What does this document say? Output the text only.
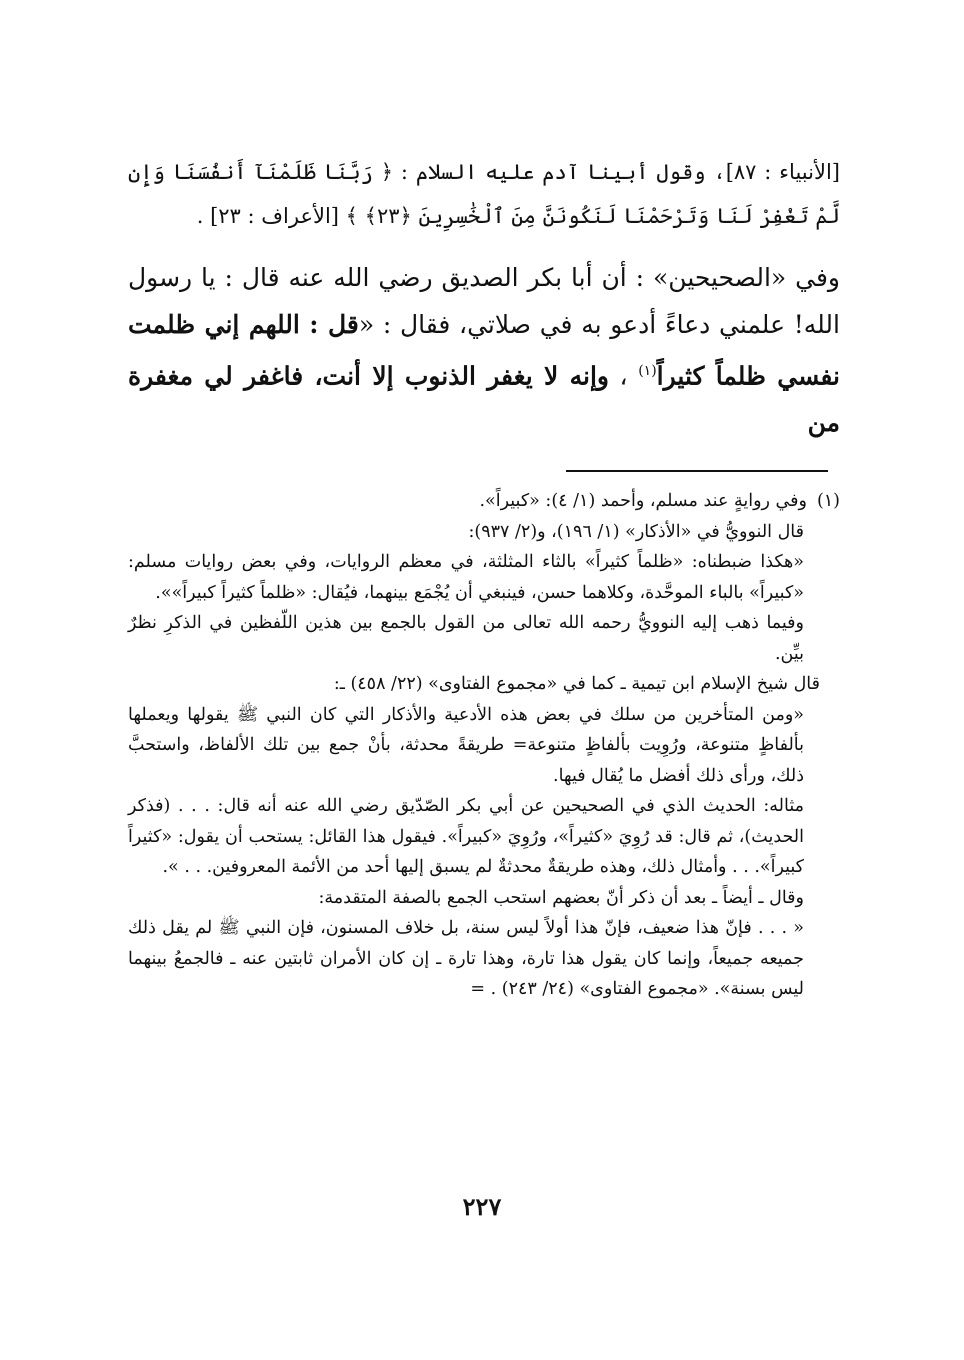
[الأنبياء : ٨٧]، وقول أبينا آدم عليه السلام : ﴿ رَبَّنَا ظَلَمْنَآ أَنفُسَنَا وَإِن لَّمْ تَغْفِرْ لَنَا وَتَرْحَمْنَا لَنَكُونَنَّ مِنَ ٱلْخَٰسِرِينَ ﴿٢٣﴾ ﴾ [الأعراف : ٢٣] .

وفي «الصحيحين» : أن أبا بكر الصديق رضي الله عنه قال : يا رسول الله! علمني دعاءً أدعو به في صلاتي، فقال : «قل : اللهم إني ظلمت نفسي ظلماً كثيراً$^{(١)}$ ، وإنه لا يغفر الذنوب إلا أنت، فاغفر لي مغفرة من

(١)وفي روايةٍ عند مسلم، وأحمد (١/ ٤): «كبيراً».

قال النوويُّ في «الأذكار» (١/ ١٩٦)، و(٢/ ٩٣٧):

«هكذا ضبطناه: «ظلماً كثيراً» بالثاء المثلثة، في معظم الروايات، وفي بعض روايات مسلم: «كبيراً» بالباء الموحَّدة، وكلاهما حسن، فينبغي أن يُجْمَع بينهما، فيُقال: «ظلماً كثيراً كبيراً»».

وفيما ذهب إليه النوويُّ رحمه الله تعالى من القول بالجمع بين هذين اللّفظين في الذكرِ نظرٌ بيِّن.

قال شيخ الإسلام ابن تيمية ـ كما في «مجموع الفتاوى» (٢٢/ ٤٥٨) ـ:

«ومن المتأخرين من سلك في بعض هذه الأدعية والأذكار التي كان النبي ﷺ يقولها ويعملها بألفاظٍ متنوعة، ورُوِيت بألفاظٍ متنوعة= طريقةً محدثة، بأنْ جمع بين تلك الألفاظ، واستحبَّ ذلك، ورأى ذلك أفضل ما يُقال فيها.

مثاله: الحديث الذي في الصحيحين عن أبي بكر الصّدّيق رضي الله عنه أنه قال: . . . (فذكر الحديث)، ثم قال: قد رُوِيَ «كثيراً»، ورُوِيَ «كبيراً». فيقول هذا القائل: يستحب أن يقول: «كثيراً كبيراً». . . وأمثال ذلك، وهذه طريقةٌ محدثةٌ لم يسبق إليها أحد من الأئمة المعروفين. . . ».

وقال ـ أيضاً ـ بعد أن ذكر أنّ بعضهم استحب الجمع بالصفة المتقدمة:

« . . . فإنّ هذا ضعيف، فإنّ هذا أولاً ليس سنة، بل خلاف المسنون، فإن النبي ﷺ لم يقل ذلك جميعه جميعاً، وإنما كان يقول هذا تارة، وهذا تارة ـ إن كان الأمران ثابتين عنه ـ فالجمعُ بينهما ليس بسنة». «مجموع الفتاوى» (٢٤/ ٢٤٣) . =

٢٢٧
